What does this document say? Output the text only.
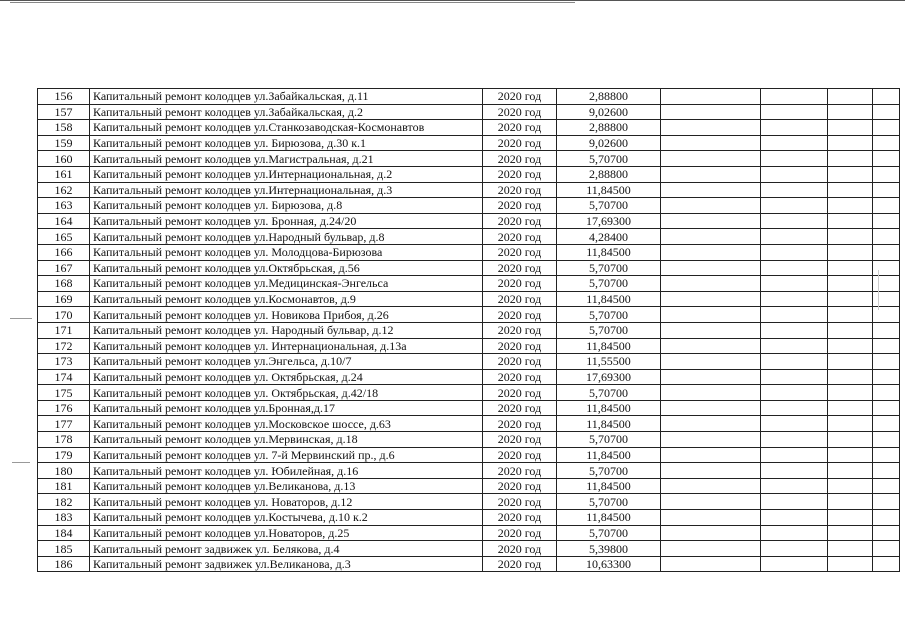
156	Капитальный ремонт колодцев ул.Забайкальская, д.11	2020 год	2,88800				
157	Капитальный ремонт колодцев ул.Забайкальская, д.2	2020 год	9,02600				
158	Капитальный ремонт колодцев ул.Станкозаводская-Космонавтов	2020 год	2,88800				
159	Капитальный ремонт колодцев ул. Бирюзова, д.30 к.1	2020 год	9,02600				
160	Капитальный ремонт колодцев ул.Магистральная, д.21	2020 год	5,70700				
161	Капитальный ремонт колодцев ул.Интернациональная, д.2	2020 год	2,88800				
162	Капитальный ремонт колодцев ул.Интернациональная, д.3	2020 год	11,84500				
163	Капитальный ремонт колодцев ул. Бирюзова, д.8	2020 год	5,70700				
164	Капитальный ремонт колодцев ул. Бронная, д.24/20	2020 год	17,69300				
165	Капитальный ремонт колодцев ул.Народный бульвар, д.8	2020 год	4,28400				
166	Капитальный ремонт колодцев ул. Молодцова-Бирюзова	2020 год	11,84500				
167	Капитальный ремонт колодцев ул.Октябрьская, д.56	2020 год	5,70700				
168	Капитальный ремонт колодцев ул.Медицинская-Энгельса	2020 год	5,70700				
169	Капитальный ремонт колодцев ул.Космонавтов, д.9	2020 год	11,84500				
170	Капитальный ремонт колодцев ул. Новикова Прибоя, д.26	2020 год	5,70700				
171	Капитальный ремонт колодцев ул. Народный бульвар, д.12	2020 год	5,70700				
172	Капитальный ремонт колодцев ул. Интернациональная, д.13а	2020 год	11,84500				
173	Капитальный ремонт колодцев ул.Энгельса, д.10/7	2020 год	11,55500				
174	Капитальный ремонт колодцев ул. Октябрьская, д.24	2020 год	17,69300				
175	Капитальный ремонт колодцев ул. Октябрьская, д.42/18	2020 год	5,70700				
176	Капитальный ремонт колодцев ул.Бронная,д.17	2020 год	11,84500				
177	Капитальный ремонт колодцев ул.Московское шоссе, д.63	2020 год	11,84500				
178	Капитальный ремонт колодцев ул.Мервинская, д.18	2020 год	5,70700				
179	Капитальный ремонт колодцев ул. 7-й Мервинский пр., д.6	2020 год	11,84500				
180	Капитальный ремонт колодцев ул. Юбилейная, д.16	2020 год	5,70700				
181	Капитальный ремонт колодцев ул.Великанова, д.13	2020 год	11,84500				
182	Капитальный ремонт колодцев ул. Новаторов, д.12	2020 год	5,70700				
183	Капитальный ремонт колодцев ул.Костычева, д.10 к.2	2020 год	11,84500				
184	Капитальный ремонт колодцев ул.Новаторов, д.25	2020 год	5,70700				
185	Капитальный ремонт задвижек ул. Белякова, д.4	2020 год	5,39800				
186	Капитальный ремонт задвижек ул.Великанова, д.3	2020 год	10,63300				
